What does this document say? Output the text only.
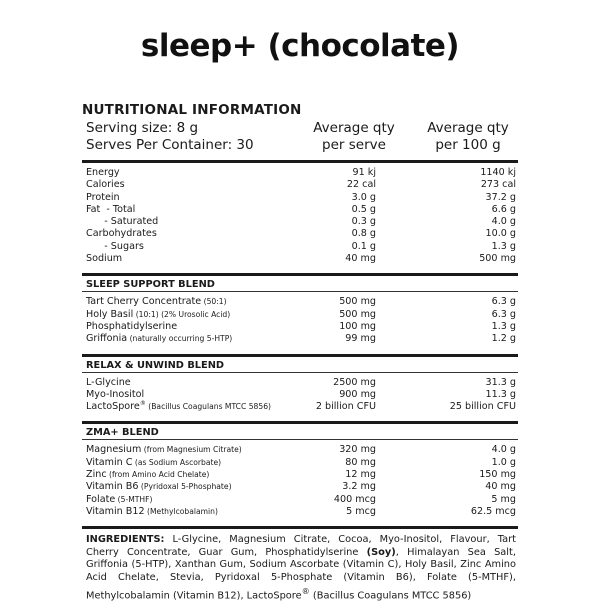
sleep+ (chocolate)
NUTRITIONAL INFORMATION
Serving size: 8 g
Serves Per Container: 30
Average qty
per serve
Average qty
per 100 g
Energy	91 kj	1140 kj
Calories	22 cal	273 cal
Protein	3.0 g	37.2 g
Fat  - Total	0.5 g	6.6 g
- Saturated	0.3 g	4.0 g
Carbohydrates	0.8 g	10.0 g
- Sugars	0.1 g	1.3 g
Sodium	40 mg	500 mg
SLEEP SUPPORT BLEND
Tart Cherry Concentrate (50:1)	500 mg	6.3 g
Holy Basil (10:1) (2% Urosolic Acid)	500 mg	6.3 g
Phosphatidylserine	100 mg	1.3 g
Griffonia (naturally occurring 5-HTP)	99 mg	1.2 g
RELAX & UNWIND BLEND
L-Glycine	2500 mg	31.3 g
Myo-Inositol	900 mg	11.3 g
LactoSpore® (Bacillus Coagulans MTCC 5856)	2 billion CFU	25 billion CFU
ZMA+ BLEND
Magnesium (from Magnesium Citrate)	320 mg	4.0 g
Vitamin C (as Sodium Ascorbate)	80 mg	1.0 g
Zinc (from Amino Acid Chelate)	12 mg	150 mg
Vitamin B6 (Pyridoxal 5-Phosphate)	3.2 mg	40 mg
Folate (5-MTHF)	400 mcg	5 mg
Vitamin B12 (Methylcobalamin)	5 mcg	62.5 mcg
INGREDIENTS: L-Glycine, Magnesium Citrate, Cocoa, Myo-Inositol, Flavour, Tart Cherry Concentrate, Guar Gum, Phosphatidylserine (Soy), Himalayan Sea Salt, Griffonia (5-HTP), Xanthan Gum, Sodium Ascorbate (Vitamin C), Holy Basil, Zinc Amino Acid Chelate, Stevia, Pyridoxal 5-Phosphate (Vitamin B6), Folate (5-MTHF), Methylcobalamin (Vitamin B12), LactoSpore® (Bacillus Coagulans MTCC 5856)
